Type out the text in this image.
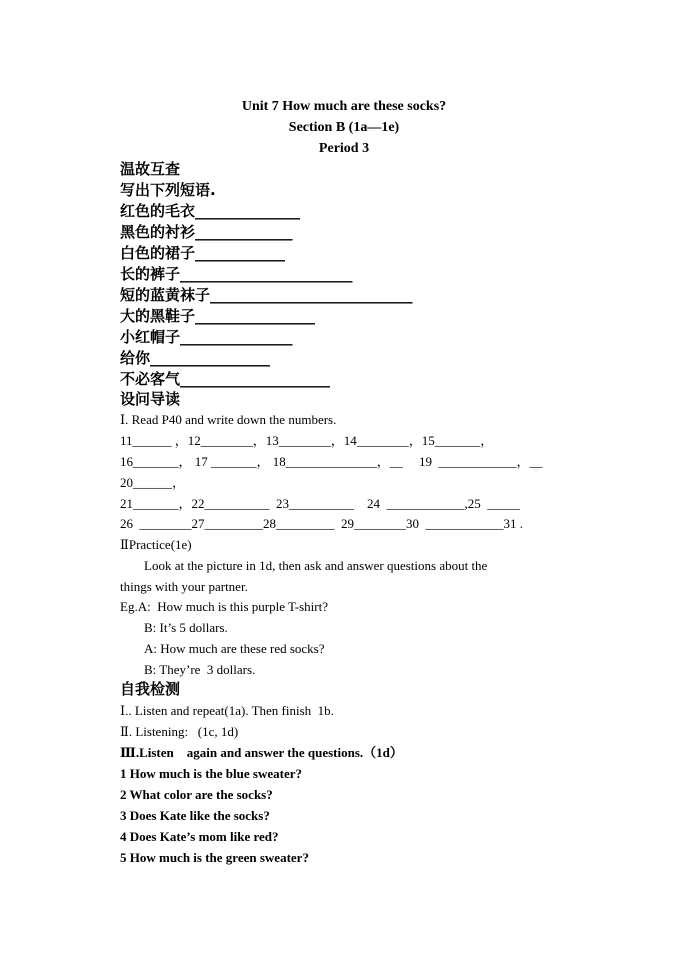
Unit 7 How much are these socks?
Section B (1a—1e)
Period 3
温故互查
写出下列短语.
红色的毛衣______________
黑色的衬衫_____________
白色的裙子____________
长的裤子_______________________
短的蓝黄袜子___________________________
大的黑鞋子________________
小红帽子_______________
给你________________
不必客气____________________
设问导读
Ⅰ. Read P40 and write down the numbers.
11______ ，12________，13________，14________，15_______，
16_______， 17 _______， 18______________，__     19  ____________，__
20______，
21_______，22__________  23__________    24  ____________,25  _____
26  ________27_________28_________  29________30  ____________31 .
ⅡPractice(1e)
Look at the picture in 1d, then ask and answer questions about the
things with your partner.
Eg.A:  How much is this purple T-shirt?
B: It’s 5 dollars.
A: How much are these red socks?
B: They’re  3 dollars.
自我检测
Ⅰ.. Listen and repeat(1a). Then finish  1b.
Ⅱ. Listening:   (1c, 1d)
Ⅲ.Listen    again and answer the questions.（1d）
1 How much is the blue sweater?
2 What color are the socks?
3 Does Kate like the socks?
4 Does Kate’s mom like red?
5 How much is the green sweater?
